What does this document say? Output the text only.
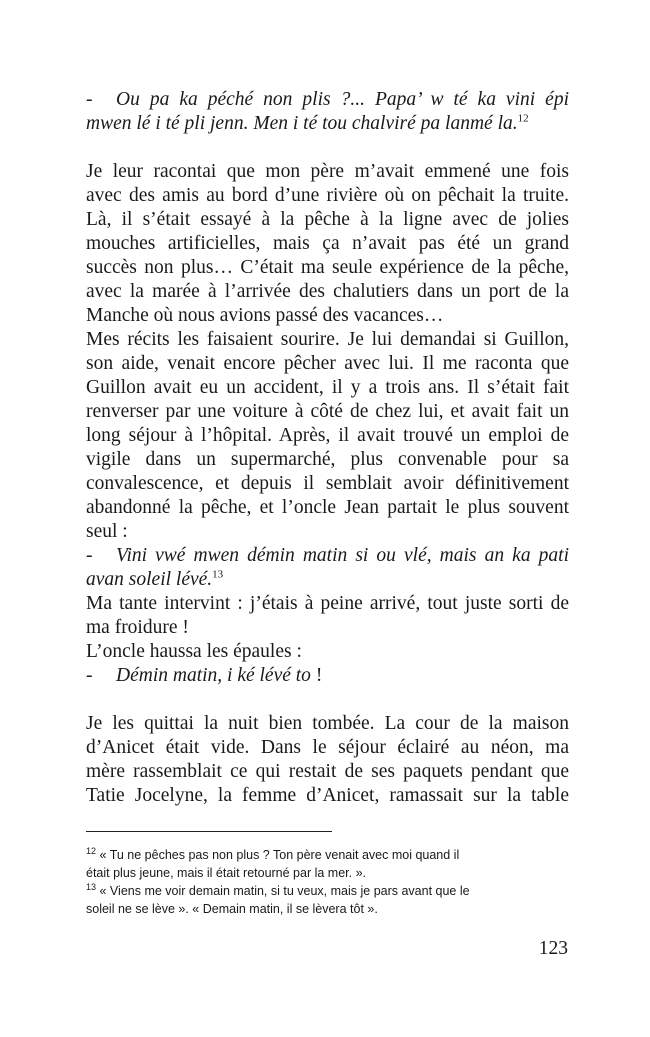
- Ou pa ka péché non plis ?... Papa’ w té ka vini épi
mwen lé i té pli jenn. Men i té tou chalviré pa lanmé la.$^{12}$
Je leur racontai que mon père m’avait emmené une fois
avec des amis au bord d’une rivière où on pêchait la truite.
Là, il s’était essayé à la pêche à la ligne avec de jolies
mouches artificielles, mais ça n’avait pas été un grand
succès non plus… C’était ma seule expérience de la pêche,
avec la marée à l’arrivée des chalutiers dans un port de la
Manche où nous avions passé des vacances…
Mes récits les faisaient sourire. Je lui demandai si Guillon,
son aide, venait encore pêcher avec lui. Il me raconta que
Guillon avait eu un accident, il y a trois ans. Il s’était fait
renverser par une voiture à côté de chez lui, et avait fait un
long séjour à l’hôpital. Après, il avait trouvé un emploi de
vigile dans un supermarché, plus convenable pour sa
convalescence, et depuis il semblait avoir définitivement
abandonné la pêche, et l’oncle Jean partait le plus souvent
seul :
- Vini vwé mwen démin matin si ou vlé, mais an ka pati
avan soleil lévé.$^{13}$
Ma tante intervint : j’étais à peine arrivé, tout juste sorti de
ma froidure !
L’oncle haussa les épaules :
- Démin matin, i ké lévé to !
Je les quittai la nuit bien tombée. La cour de la maison
d’Anicet était vide. Dans le séjour éclairé au néon, ma
mère rassemblait ce qui restait de ses paquets pendant que
Tatie Jocelyne, la femme d’Anicet, ramassait sur la table
$^{12}$ « Tu ne pêches pas non plus ? Ton père venait avec moi quand il
était plus jeune, mais il était retourné par la mer. ».
$^{13}$ « Viens me voir demain matin, si tu veux, mais je pars avant que le
soleil ne se lève ». « Demain matin, il se lèvera tôt ».
123
